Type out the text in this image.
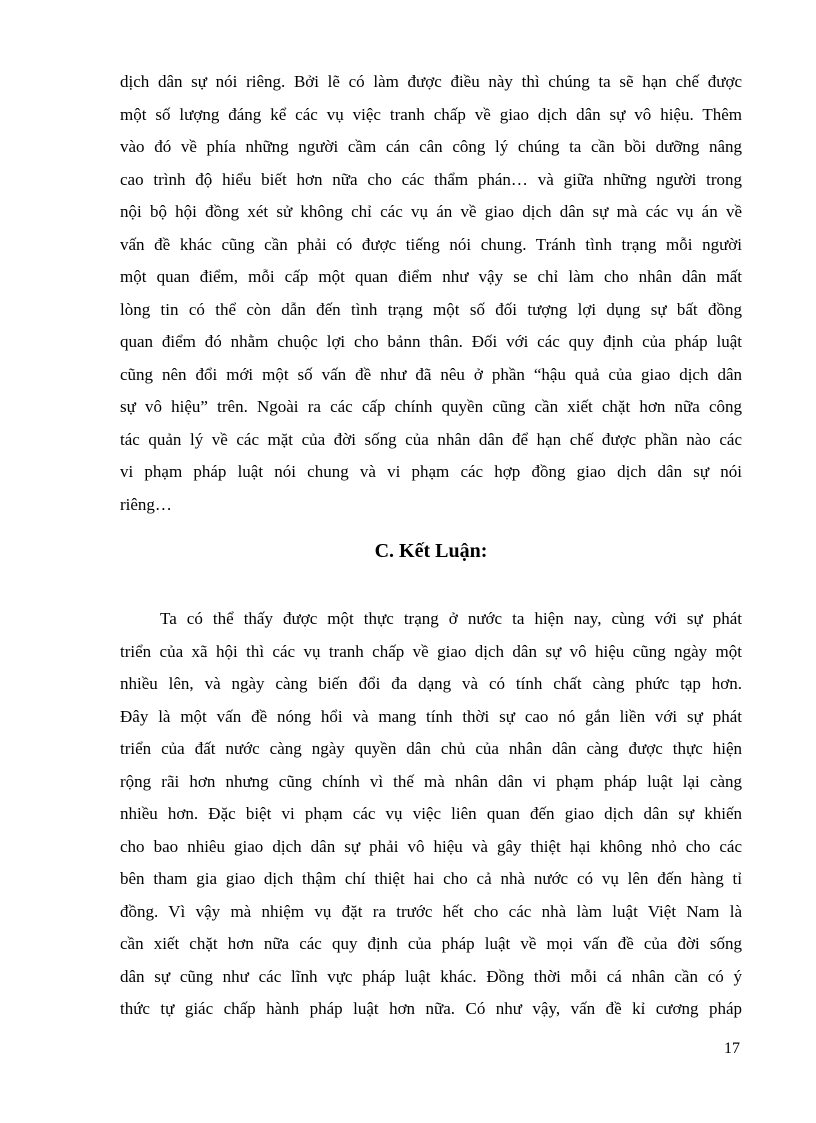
dịch dân sự nói riêng. Bởi lẽ có làm được điều này thì chúng ta sẽ hạn chế được
một số lượng đáng kể các vụ việc tranh chấp về giao dịch dân sự vô hiệu. Thêm
vào đó về phía những người cầm cán cân công lý chúng ta cần bồi dưỡng nâng
cao trình độ hiểu biết hơn nữa cho các thẩm phán… và giữa những người trong
nội bộ hội đồng xét sử không chỉ các vụ án về giao dịch dân sự mà các vụ án về
vấn đề khác cũng cần phải có được tiếng nói chung. Tránh tình trạng mỗi người
một quan điểm, mỗi cấp một quan điểm như vậy se chỉ làm cho nhân dân mất
lòng tin có thể còn dẫn đến tình trạng một số đối tượng lợi dụng sự bất đồng
quan điểm đó nhằm chuộc lợi cho bảnn thân. Đối với các quy định của pháp luật
cũng nên đổi mới một số vấn đề như đã nêu ở phần “hậu quả của giao dịch dân
sự vô hiệu” trên. Ngoài ra các cấp chính quyền cũng cần xiết chặt hơn nữa công
tác quản lý về các mặt của đời sống của nhân dân để hạn chế được phần nào các
vi phạm pháp luật nói chung và vi phạm các hợp đồng giao dịch dân sự nói
riêng…
C. Kết Luận:
Ta có thể thấy được một thực trạng ở nước ta hiện nay, cùng với sự phát
triển của xã hội thì các vụ tranh chấp về giao dịch dân sự vô hiệu cũng ngày một
nhiều lên, và ngày càng biến đổi đa dạng và có tính chất càng phức tạp hơn.
Đây là một vấn đề nóng hổi và mang tính thời sự cao nó gắn liền với sự phát
triển của đất nước càng ngày quyền dân chủ của nhân dân càng được thực hiện
rộng rãi hơn nhưng cũng chính vì thế mà nhân dân vi phạm pháp luật lại càng
nhiều hơn. Đặc biệt vi phạm các vụ việc liên quan đến giao dịch dân sự khiến
cho bao nhiêu giao dịch dân sự phải vô hiệu và gây thiệt hại không nhỏ cho các
bên tham gia giao dịch thậm chí thiệt hai cho cả nhà nước có vụ lên đến hàng tỉ
đồng. Vì vậy mà nhiệm vụ đặt ra trước hết cho các nhà làm luật Việt Nam là
cần xiết chặt hơn nữa các quy định của pháp luật về mọi vấn đề của đời sống
dân sự cũng như các lĩnh vực pháp luật khác. Đồng thời mỗi cá nhân cần có ý
thức tự giác chấp hành pháp luật hơn nữa. Có như vậy, vấn đề kỉ cương pháp
17
